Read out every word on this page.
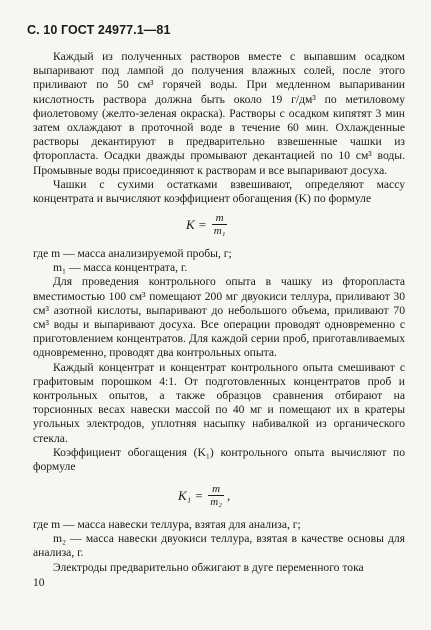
С. 10 ГОСТ 24977.1—81

Каждый из полученных растворов вместе с выпавшим осадком выпаривают под лампой до получения влажных солей, после этого приливают по 50 см³ горячей воды. При медленном выпаривании кислотность раствора должна быть около 19 г/дм³ по метиловому фиолетовому (желто-зеленая окраска). Растворы с осадком кипятят 3 мин затем охлаждают в проточной воде в течение 60 мин. Охлажденные растворы декантируют в предварительно взвешенные чашки из фторопласта. Осадки дважды промывают декантацией по 10 см³ воды. Промывные воды присоединяют к растворам и все выпаривают досуха.

Чашки с сухими остатками взвешивают, определяют массу концентрата и вычисляют коэффициент обогащения (K) по формуле

$K = \frac{m}{\text{m₁}}$

где m — масса анализируемой пробы, г;

m₁ — масса концентрата, г.

Для проведения контрольного опыта в чашку из фторопласта вместимостью 100 см³ помещают 200 мг двуокиси теллура, приливают 30 см³ азотной кислоты, выпаривают до небольшого объема, приливают 70 см³ воды и выпаривают досуха. Все операции проводят одновременно с приготовлением концентратов. Для каждой серии проб, приготавливаемых одновременно, проводят два контрольных опыта.

Каждый концентрат и концентрат контрольного опыта смешивают с графитовым порошком 4:1. От подготовленных концентратов проб и контрольных опытов, а также образцов сравнения отбирают на торсионных весах навески массой по 40 мг и помещают их в кратеры угольных электродов, уплотняя насыпку набивалкой из органического стекла.

Коэффициент обогащения (K₁) контрольного опыта вычисляют по формуле

$K_1 = \frac{m}{\text{m₂}}$ ,

где m — масса навески теллура, взятая для анализа, г;

m₂ — масса навески двуокиси теллура, взятая в качестве основы для анализа, г.

Электроды предварительно обжигают в дуге переменного тока

10
